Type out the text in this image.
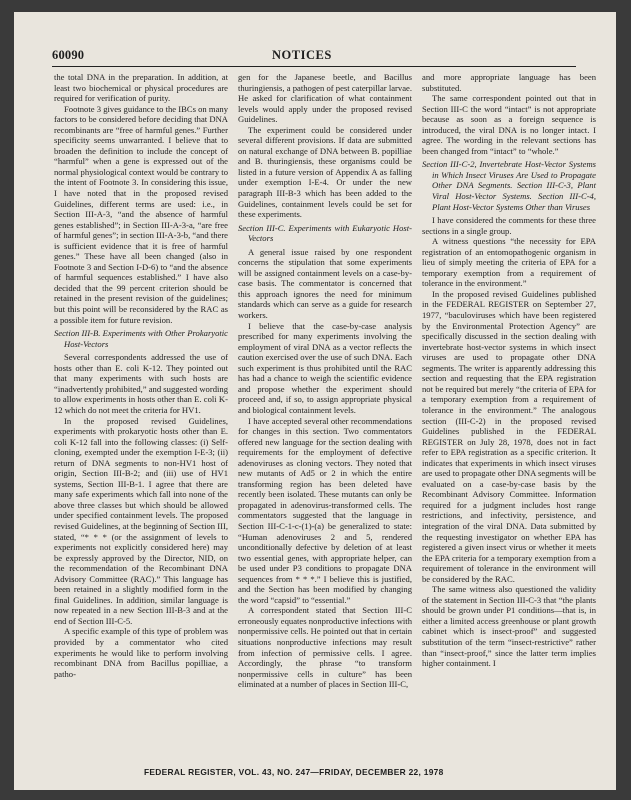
60090	NOTICES

the total DNA in the preparation. In addition, at least two biochemical or physical procedures are required for verification of purity.

Footnote 3 gives guidance to the IBCs on many factors to be considered before deciding that DNA recombinants are “free of harmful genes.” Further specificity seems unwarranted. I believe that to broaden the definition to include the concept of “harmful” when a gene is expressed out of the normal physiological context would be contrary to the intent of Footnote 3. In considering this issue, I have noted that in the proposed revised Guidelines, different terms are used: i.e., in Section III-A-3, “and the absence of harmful genes established”; in Section III-A-3-a, “are free of harmful genes”; in section III-A-3-b, “and there is sufficient evidence that it is free of harmful genes.” These have all been changed (also in Footnote 3 and Section I-D-6) to “and the absence of harmful sequences established.” I have also decided that the 99 percent criterion should be retained in the present revision of the guidelines; but this point will be reconsidered by the RAC as a possible item for future revision.

Section III-B. Experiments with Other Prokaryotic Host-Vectors

Several correspondents addressed the use of hosts other than E. coli K-12. They pointed out that many experiments with such hosts are “inadvertently prohibited,” and suggested wording to allow experiments in hosts other than E. coli K-12 which do not meet the criteria for HV1.

In the proposed revised Guidelines, experiments with prokaryotic hosts other than E. coli K-12 fall into the following classes: (i) Self-cloning, exempted under the exemption I-E-3; (ii) return of DNA segments to non-HV1 host of origin, Section III-B-2; and (iii) use of HV1 systems, Section III-B-1. I agree that there are many safe experiments which fall into none of the above three classes but which should be allowed under specified containment levels. The proposed revised Guidelines, at the beginning of Section III, stated, “* * * (or the assignment of levels to experiments not explicitly considered here) may be expressly approved by the Director, NID, on the recommendation of the Recombinant DNA Advisory Committee (RAC).” This language has been retained in a slightly modified form in the final Guidelines. In addition, similar language is now repeated in a new Section III-B-3 and at the end of Section III-C-5.

A specific example of this type of problem was provided by a commentator who cited experiments he would like to perform involving recombinant DNA from Bacillus popilliae, a patho-

gen for the Japanese beetle, and Bacillus thuringiensis, a pathogen of pest caterpillar larvae. He asked for clarification of what containment levels would apply under the proposed revised Guidelines.

The experiment could be considered under several different provisions. If data are submitted on natural exchange of DNA between B. popilliae and B. thuringiensis, these organisms could be listed in a future version of Appendix A as falling under exemption I-E-4. Or under the new paragraph III-B-3 which has been added to the Guidelines, containment levels could be set for these experiments.

Section III-C. Experiments with Eukaryotic Host-Vectors

A general issue raised by one respondent concerns the stipulation that some experiments will be assigned containment levels on a case-by-case basis. The commentator is concerned that this approach ignores the need for minimum standards which can serve as a guide for research workers.

I believe that the case-by-case analysis prescribed for many experiments involving the employment of viral DNA as a vector reflects the caution exercised over the use of such DNA. Each such experiment is thus prohibited until the RAC has had a chance to weigh the scientific evidence and propose whether the experiment should proceed and, if so, to assign appropriate physical and biological containment levels.

I have accepted several other recommendations for changes in this section. Two commentators offered new language for the section dealing with requirements for the employment of defective adenoviruses as cloning vectors. They noted that new mutants of Ad5 or 2 in which the entire transforming region has been deleted have recently been isolated. These mutants can only be propagated in adenovirus-transformed cells. The commentators suggested that the language in Section III-C-1-c-(1)-(a) be generalized to state: “Human adenoviruses 2 and 5, rendered unconditionally defective by deletion of at least two essential genes, with appropriate helper, can be used under P3 conditions to propagate DNA sequences from * * *.” I believe this is justified, and the Section has been modified by changing the word “capsid” to “essential.”

A correspondent stated that Section III-C erroneously equates nonproductive infections with nonpermissive cells. He pointed out that in certain situations nonproductive infections may result from infection of permissive cells. I agree. Accordingly, the phrase “to transform nonpermissive cells in culture” has been eliminated at a number of places in Section III-C,

and more appropriate language has been substituted.

The same correspondent pointed out that in Section III-C the word “intact” is not appropriate because as soon as a foreign sequence is introduced, the viral DNA is no longer intact. I agree. The wording in the relevant sections has been changed from “intact” to “whole.”

Section III-C-2, Invertebrate Host-Vector Systems in Which Insect Viruses Are Used to Propagate Other DNA Segments. Section III-C-3, Plant Viral Host-Vector Systems. Section III-C-4, Plant Host-Vector Systems Other than Viruses

I have considered the comments for these three sections in a single group.

A witness questions “the necessity for EPA registration of an entomopathogenic organism in lieu of simply meeting the criteria of EPA for a temporary exemption from a requirement of tolerance in the environment.”

In the proposed revised Guidelines published in the FEDERAL REGISTER on September 27, 1977, “baculoviruses which have been registered by the Environmental Protection Agency” are specifically discussed in the section dealing with invertebrate host-vector systems in which insect viruses are used to propagate other DNA segments. The writer is apparently addressing this section and requesting that the EPA registration not be required but merely “the criteria of EPA for a temporary exemption from a requirement of tolerance in the environment.” The analogous section (III-C-2) in the proposed revised Guidelines published in the FEDERAL REGISTER on July 28, 1978, does not in fact refer to EPA registration as a specific criterion. It indicates that experiments in which insect viruses are used to propagate other DNA segments will be evaluated on a case-by-case basis by the Recombinant Advisory Committee. Information required for a judgment includes host range restrictions, and infectivity, persistence, and integration of the viral DNA. Data submitted by the requesting investigator on whether EPA has registered a given insect virus or whether it meets the EPA criteria for a temporary exemption from a requirement of tolerance in the environment will be considered by the RAC.

The same witness also questioned the validity of the statement in Section III-C-3 that “the plants should be grown under P1 conditions—that is, in either a limited access greenhouse or plant growth cabinet which is insect-proof” and suggested substitution of the term “insect-restrictive” rather than “insect-proof,” since the latter term implies higher containment. I

FEDERAL REGISTER, VOL. 43, NO. 247—FRIDAY, DECEMBER 22, 1978
